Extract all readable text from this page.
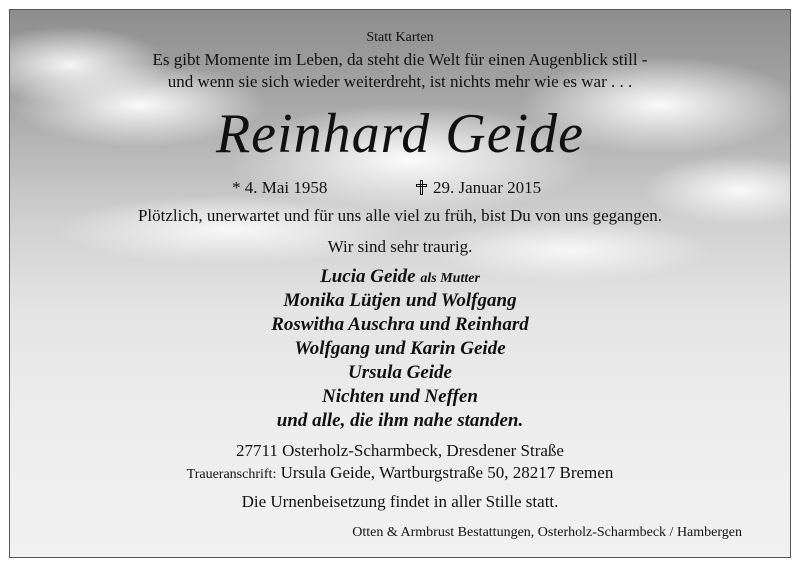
Statt Karten
Es gibt Momente im Leben, da steht die Welt für einen Augenblick still -
und wenn sie sich wieder weiterdreht, ist nichts mehr wie es war . . .
Reinhard Geide
* 4. Mai 1958	29. Januar 2015
Plötzlich, unerwartet und für uns alle viel zu früh, bist Du von uns gegangen.
Wir sind sehr traurig.
Lucia Geide als Mutter
Monika Lütjen und Wolfgang
Roswitha Auschra und Reinhard
Wolfgang und Karin Geide
Ursula Geide
Nichten und Neffen
und alle, die ihm nahe standen.
27711 Osterholz-Scharmbeck, Dresdener Straße
Traueranschrift: Ursula Geide, Wartburgstraße 50, 28217 Bremen
Die Urnenbeisetzung findet in aller Stille statt.
Otten & Armbrust Bestattungen, Osterholz-Scharmbeck / Hambergen
